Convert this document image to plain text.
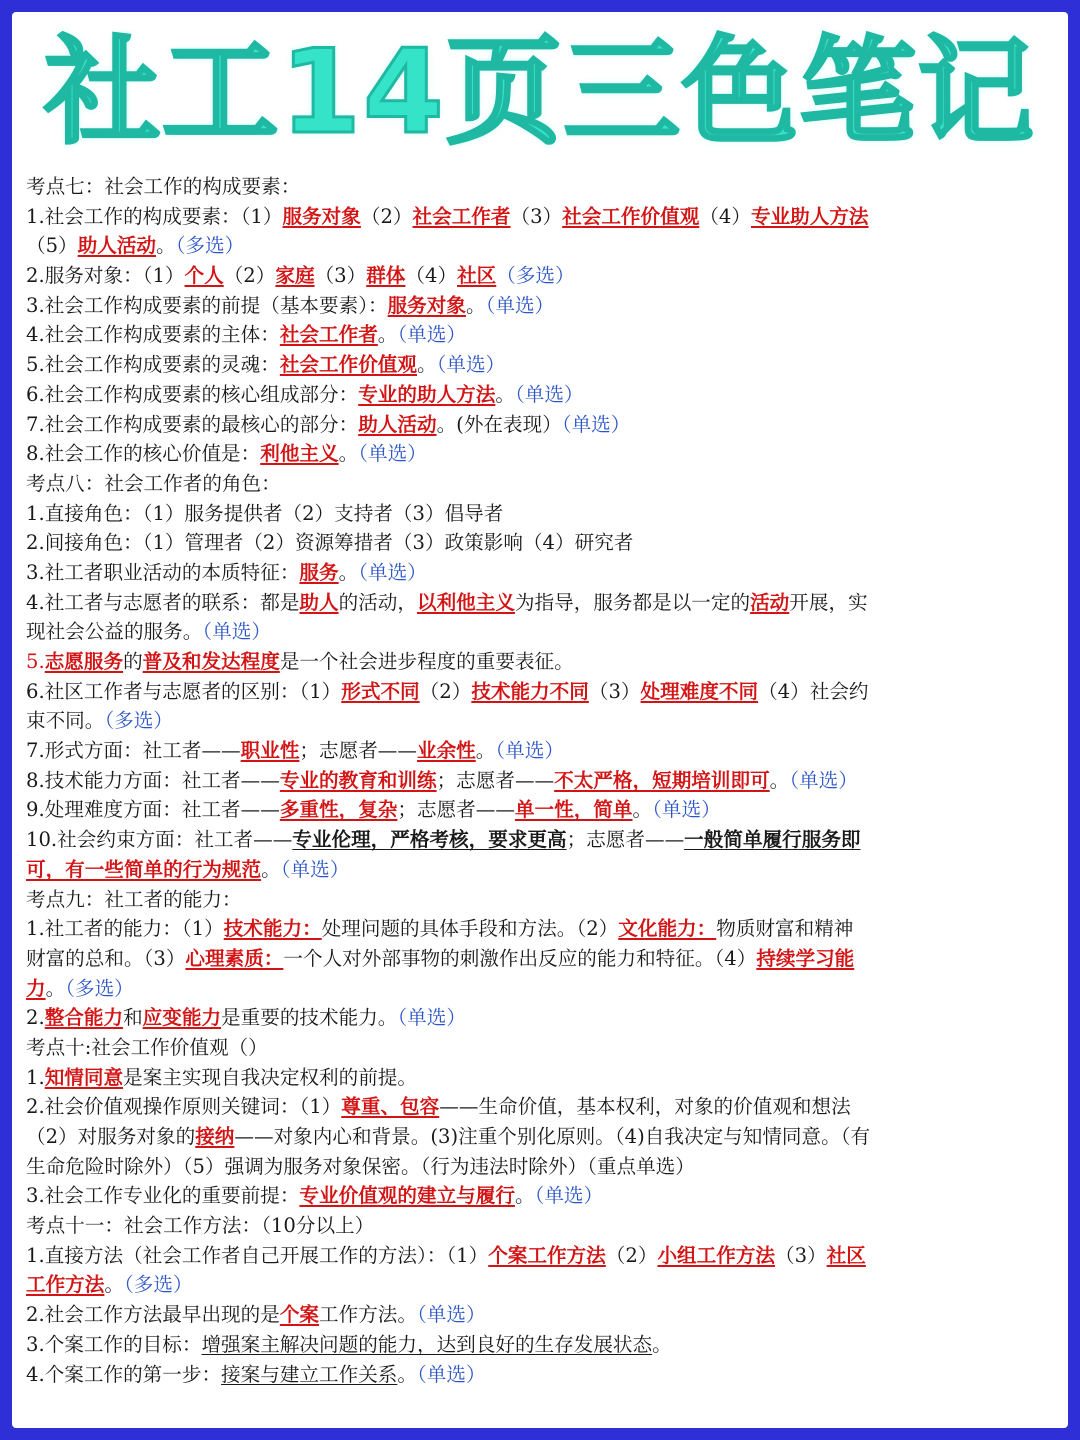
社工14页三色笔记
考点七：社会工作的构成要素：
1.社会工作的构成要素：（1）服务对象（2）社会工作者（3）社会工作价值观（4）专业助人方法
（5）助人活动。（多选）
2.服务对象：（1）个人（2）家庭（3）群体（4）社区（多选）
3.社会工作构成要素的前提（基本要素）：服务对象。（单选）
4.社会工作构成要素的主体：社会工作者。（单选）
5.社会工作构成要素的灵魂：社会工作价值观。（单选）
6.社会工作构成要素的核心组成部分：专业的助人方法。（单选）
7.社会工作构成要素的最核心的部分：助人活动。(外在表现）（单选）
8.社会工作的核心价值是：利他主义。（单选）
考点八：社会工作者的角色：
1.直接角色：（1）服务提供者（2）支持者（3）倡导者
2.间接角色：（1）管理者（2）资源筹措者（3）政策影响（4）研究者
3.社工者职业活动的本质特征：服务。（单选）
4.社工者与志愿者的联系：都是助人的活动，以利他主义为指导，服务都是以一定的活动开展，实
现社会公益的服务。（单选）
5.志愿服务的普及和发达程度是一个社会进步程度的重要表征。
6.社区工作者与志愿者的区别：（1）形式不同（2）技术能力不同（3）处理难度不同（4）社会约
束不同。（多选）
7.形式方面：社工者——职业性；志愿者——业余性。（单选）
8.技术能力方面：社工者——专业的教育和训练；志愿者——不太严格，短期培训即可。（单选）
9.处理难度方面：社工者——多重性，复杂；志愿者——单一性，简单。（单选）
10.社会约束方面：社工者——专业伦理，严格考核，要求更高；志愿者——一般简单履行服务即
可，有一些简单的行为规范。（单选）
考点九：社工者的能力：
1.社工者的能力：（1）技术能力：处理问题的具体手段和方法。（2）文化能力：物质财富和精神
财富的总和。（3）心理素质：一个人对外部事物的刺激作出反应的能力和特征。（4）持续学习能
力。（多选）
2.整合能力和应变能力是重要的技术能力。（单选）
考点十:社会工作价值观（）
1.知情同意是案主实现自我决定权利的前提。
2.社会价值观操作原则关键词：（1）尊重、包容——生命价值，基本权利，对象的价值观和想法
（2）对服务对象的接纳——对象内心和背景。(3)注重个别化原则。（4)自我决定与知情同意。（有
生命危险时除外）（5）强调为服务对象保密。（行为违法时除外）（重点单选）
3.社会工作专业化的重要前提：专业价值观的建立与履行。（单选）
考点十一：社会工作方法：（10分以上）
1.直接方法（社会工作者自己开展工作的方法）：（1）个案工作方法（2）小组工作方法（3）社区
工作方法。（多选）
2.社会工作方法最早出现的是个案工作方法。（单选）
3.个案工作的目标：增强案主解决问题的能力，达到良好的生存发展状态。
4.个案工作的第一步：接案与建立工作关系。（单选）
